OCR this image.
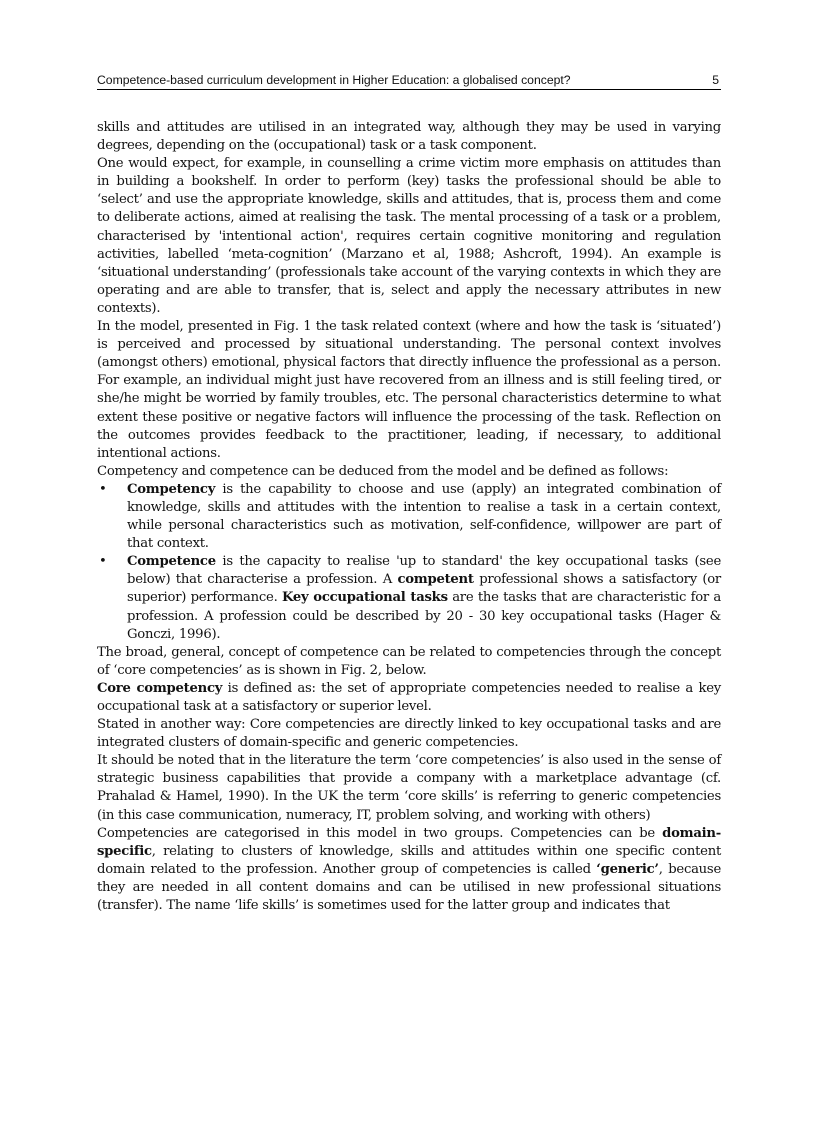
Competence-based curriculum development in Higher Education: a globalised concept?	5

skills and attitudes are utilised in an integrated way, although they may be used in varying degrees, depending on the (occupational) task or a task component.

One would expect, for example, in counselling a crime victim more emphasis on attitudes than in building a bookshelf. In order to perform (key) tasks the professional should be able to ‘select’ and use the appropriate knowledge, skills and attitudes, that is, process them and come to deliberate actions, aimed at realising the task. The mental processing of a task or a problem, characterised by 'intentional action', requires certain cognitive monitoring and regulation activities, labelled ‘meta-cognition’ (Marzano et al, 1988; Ashcroft, 1994). An example is ‘situational understanding’ (professionals take account of the varying contexts in which they are operating and are able to transfer, that is, select and apply the necessary attributes in new contexts).

In the model, presented in Fig. 1 the task related context (where and how the task is ‘situated’) is perceived and processed by situational understanding. The personal context involves (amongst others) emotional, physical factors that directly influence the professional as a person. For example, an individual might just have recovered from an illness and is still feeling tired, or she/he might be worried by family troubles, etc. The personal characteristics determine to what extent these positive or negative factors will influence the processing of the task. Reflection on the outcomes provides feedback to the practitioner, leading, if necessary, to additional intentional actions.

Competency and competence can be deduced from the model and be defined as follows:

• Competency is the capability to choose and use (apply) an integrated combination of knowledge, skills and attitudes with the intention to realise a task in a certain context, while personal characteristics such as motivation, self-confidence, willpower are part of that context.
• Competence is the capacity to realise 'up to standard' the key occupational tasks (see below) that characterise a profession. A competent professional shows a satisfactory (or superior) performance. Key occupational tasks are the tasks that are characteristic for a profession. A profession could be described by 20 - 30 key occupational tasks (Hager & Gonczi, 1996).

The broad, general, concept of competence can be related to competencies through the concept of ‘core competencies’ as is shown in Fig. 2, below.

Core competency is defined as: the set of appropriate competencies needed to realise a key occupational task at a satisfactory or superior level.

Stated in another way: Core competencies are directly linked to key occupational tasks and are integrated clusters of domain-specific and generic competencies.

It should be noted that in the literature the term ‘core competencies’ is also used in the sense of strategic business capabilities that provide a company with a marketplace advantage (cf. Prahalad & Hamel, 1990). In the UK the term ‘core skills’ is referring to generic competencies (in this case communication, numeracy, IT, problem solving, and working with others)

Competencies are categorised in this model in two groups. Competencies can be domain-specific, relating to clusters of knowledge, skills and attitudes within one specific content domain related to the profession. Another group of competencies is called ‘generic’, because they are needed in all content domains and can be utilised in new professional situations (transfer). The name ‘life skills’ is sometimes used for the latter group and indicates that
